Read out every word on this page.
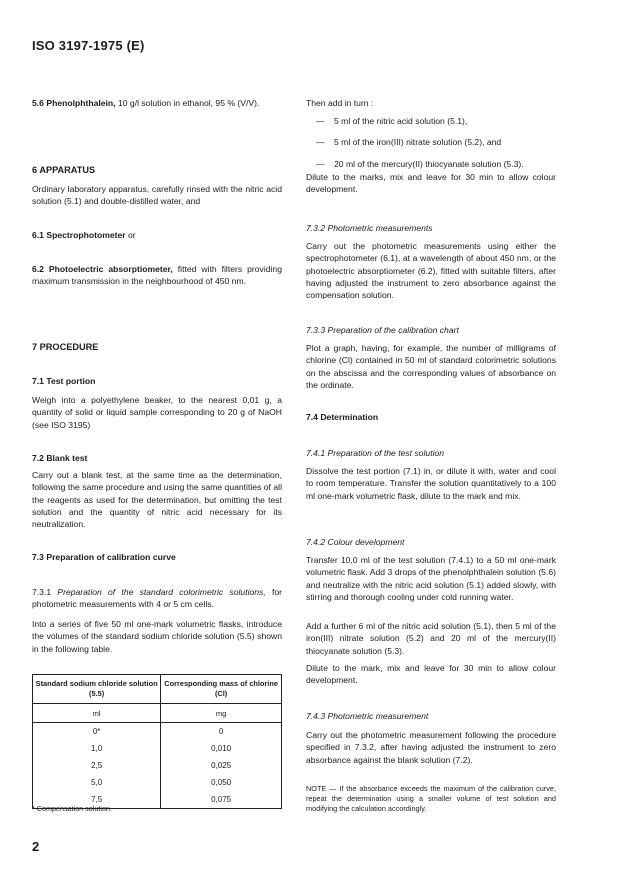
ISO 3197-1975 (E)

5.6 Phenolphthalein, 10 g/l solution in ethanol, 95 % (V/V).

6 APPARATUS

Ordinary laboratory apparatus, carefully rinsed with the nitric acid solution (5.1) and double-distilled water, and

6.1 Spectrophotometer or

6.2 Photoelectric absorptiometer, fitted with filters providing maximum transmission in the neighbourhood of 450 nm.

7 PROCEDURE

7.1 Test portion

Weigh into a polyethylene beaker, to the nearest 0,01 g, a quantity of solid or liquid sample corresponding to 20 g of NaOH (see ISO 3195)

7.2 Blank test

Carry out a blank test, at the same time as the determination, following the same procedure and using the same quantities of all the reagents as used for the determination, but omitting the test solution and the quantity of nitric acid necessary for its neutralization.

7.3 Preparation of calibration curve

7.3.1 Preparation of the standard colorimetric solutions, for photometric measurements with 4 or 5 cm cells.

Into a series of five 50 ml one-mark volumetric flasks, introduce the volumes of the standard sodium chloride solution (5.5) shown in the following table.

Standard sodium chloride solution (5.5)	Corresponding mass of chlorine (Cl)
ml	mg
0*	0
1,0	0,010
2,5	0,025
5,0	0,050
7,5	0,075
* Compensation solution.
2

Then add in turn :

— 5 ml of the nitric acid solution (5.1),
— 5 ml of the iron(III) nitrate solution (5.2), and
— 20 ml of the mercury(II) thiocyanate solution (5.3).

Dilute to the marks, mix and leave for 30 min to allow colour development.

7.3.2 Photometric measurements

Carry out the photometric measurements using either the spectrophotometer (6.1), at a wavelength of about 450 nm, or the photoelectric absorptiometer (6.2), fitted with suitable filters, after having adjusted the instrument to zero absorbance against the compensation solution.

7.3.3 Preparation of the calibration chart

Plot a graph, having, for example, the number of milligrams of chlorine (Cl) contained in 50 ml of standard colorimetric solutions on the abscissa and the corresponding values of absorbance on the ordinate.

7.4 Determination

7.4.1 Preparation of the test solution

Dissolve the test portion (7.1) in, or dilute it with, water and cool to room temperature. Transfer the solution quantitatively to a 100 ml one-mark volumetric flask, dilute to the mark and mix.

7.4.2 Colour development

Transfer 10,0 ml of the test solution (7.4.1) to a 50 ml one-mark volumetric flask. Add 3 drops of the phenolphthalein solution (5.6) and neutralize with the nitric acid solution (5.1) added slowly, with stirring and thorough cooling under cold running water.

Add a further 6 ml of the nitric acid solution (5.1), then 5 ml of the iron(III) nitrate solution (5.2) and 20 ml of the mercury(II) thiocyanate solution (5.3).

Dilute to the mark, mix and leave for 30 min to allow colour development.

7.4.3 Photometric measurement

Carry out the photometric measurement following the procedure specified in 7.3.2, after having adjusted the instrument to zero absorbance against the blank solution (7.2).

NOTE — If the absorbance exceeds the maximum of the calibration curve, repeat the determination using a smaller volume of test solution and modifying the calculation accordingly.
